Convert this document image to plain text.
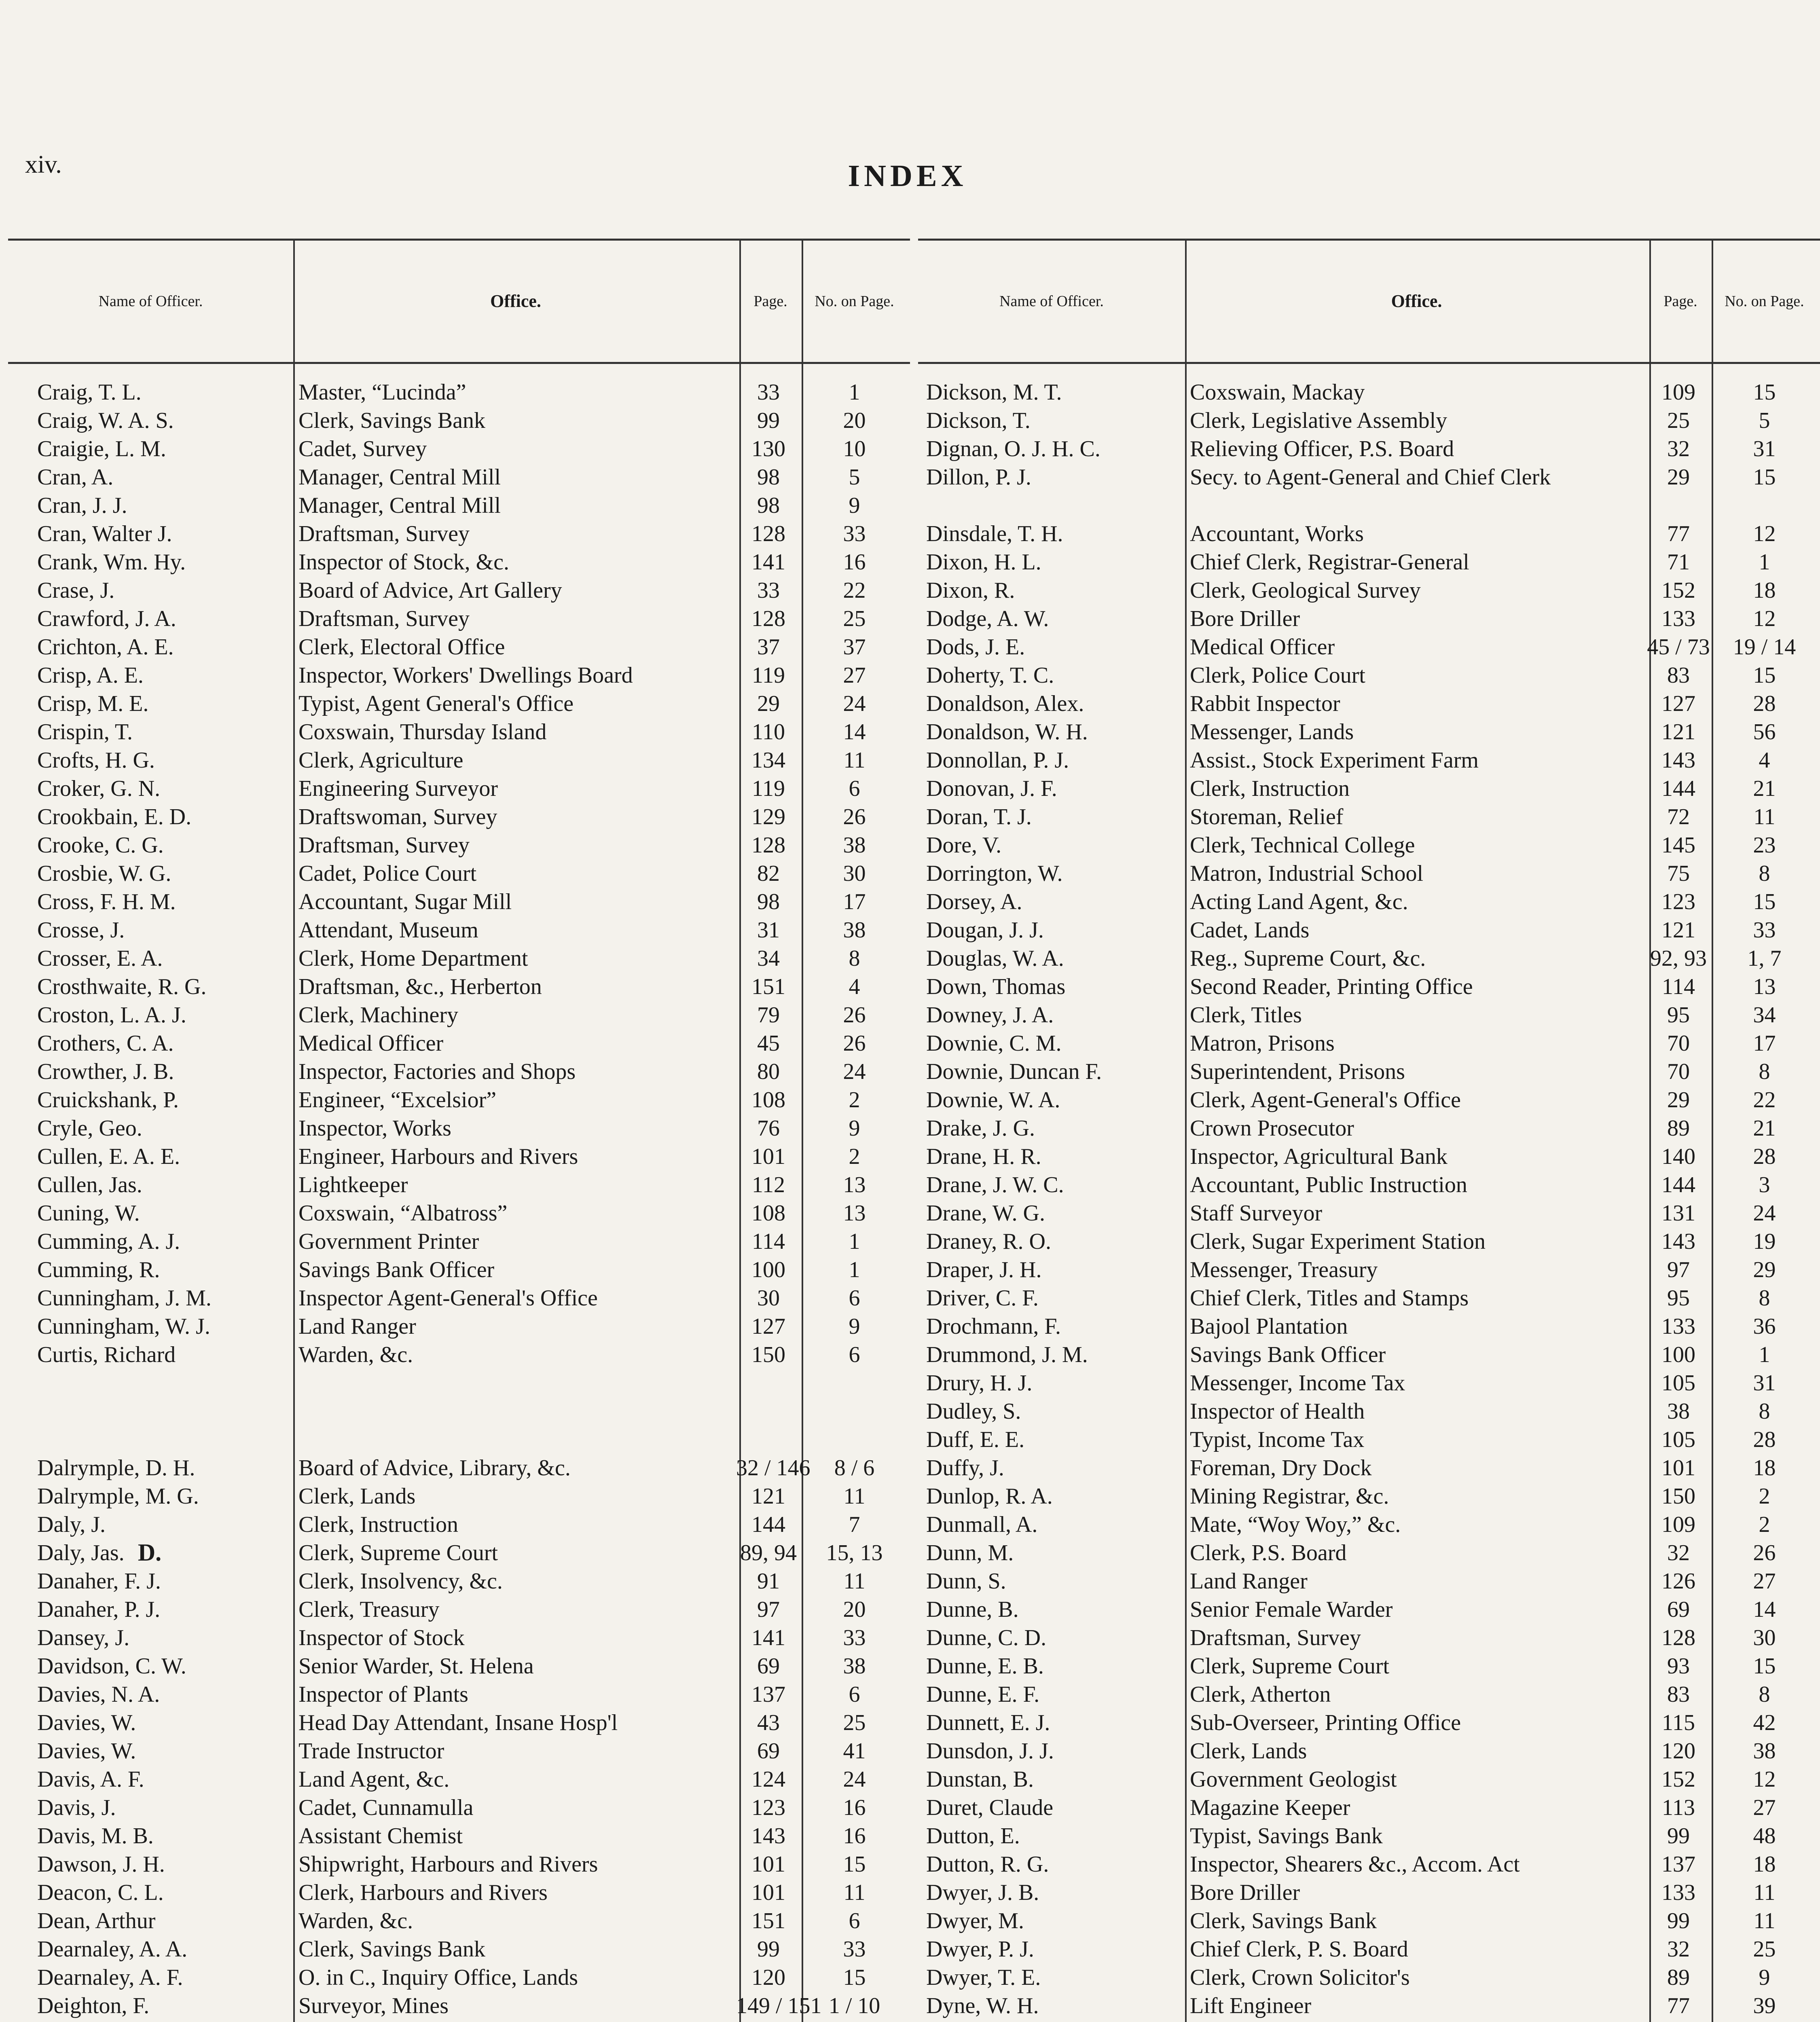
xiv.	INDEX
Name of Officer.	Office.	Page.	No. on Page.
D.
Craig, T. L.	Master, “Lucinda”	33	1
Craig, W. A. S.	Clerk, Savings Bank	99	20
Craigie, L. M.	Cadet, Survey	130	10
Cran, A.	Manager, Central Mill	98	5
Cran, J. J.	Manager, Central Mill	98	9
Cran, Walter J.	Draftsman, Survey	128	33
Crank, Wm. Hy.	Inspector of Stock, &c.	141	16
Crase, J.	Board of Advice, Art Gallery	33	22
Crawford, J. A.	Draftsman, Survey	128	25
Crichton, A. E.	Clerk, Electoral Office	37	37
Crisp, A. E.	Inspector, Workers' Dwellings Board	119	27
Crisp, M. E.	Typist, Agent General's Office	29	24
Crispin, T.	Coxswain, Thursday Island	110	14
Crofts, H. G.	Clerk, Agriculture	134	11
Croker, G. N.	Engineering Surveyor	119	6
Crookbain, E. D.	Draftswoman, Survey	129	26
Crooke, C. G.	Draftsman, Survey	128	38
Crosbie, W. G.	Cadet, Police Court	82	30
Cross, F. H. M.	Accountant, Sugar Mill	98	17
Crosse, J.	Attendant, Museum	31	38
Crosser, E. A.	Clerk, Home Department	34	8
Crosthwaite, R. G.	Draftsman, &c., Herberton	151	4
Croston, L. A. J.	Clerk, Machinery	79	26
Crothers, C. A.	Medical Officer	45	26
Crowther, J. B.	Inspector, Factories and Shops	80	24
Cruickshank, P.	Engineer, “Excelsior”	108	2
Cryle, Geo.	Inspector, Works	76	9
Cullen, E. A. E.	Engineer, Harbours and Rivers	101	2
Cullen, Jas.	Lightkeeper	112	13
Cuning, W.	Coxswain, “Albatross”	108	13
Cumming, A. J.	Government Printer	114	1
Cumming, R.	Savings Bank Officer	100	1
Cunningham, J. M.	Inspector Agent-General's Office	30	6
Cunningham, W. J.	Land Ranger	127	9
Curtis, Richard	Warden, &c.	150	6
Dalrymple, D. H.	Board of Advice, Library, &c.	32 / 146	8 / 6
Dalrymple, M. G.	Clerk, Lands	121	11
Daly, J.	Clerk, Instruction	144	7
Daly, Jas.	Clerk, Supreme Court	89, 94	15, 13
Danaher, F. J.	Clerk, Insolvency, &c.	91	11
Danaher, P. J.	Clerk, Treasury	97	20
Dansey, J.	Inspector of Stock	141	33
Davidson, C. W.	Senior Warder, St. Helena	69	38
Davies, N. A.	Inspector of Plants	137	6
Davies, W.	Head Day Attendant, Insane Hosp'l	43	25
Davies, W.	Trade Instructor	69	41
Davis, A. F.	Land Agent, &c.	124	24
Davis, J.	Cadet, Cunnamulla	123	16
Davis, M. B.	Assistant Chemist	143	16
Dawson, J. H.	Shipwright, Harbours and Rivers	101	15
Deacon, C. L.	Clerk, Harbours and Rivers	101	11
Dean, Arthur	Warden, &c.	151	6
Dearnaley, A. A.	Clerk, Savings Bank	99	33
Dearnaley, A. F.	O. in C., Inquiry Office, Lands	120	15
Deighton, F.	Surveyor, Mines	149 / 151 1 / 10
Name of Officer.	Office.	Page.	No. on Page.
Dickson, M. T.	Coxswain, Mackay	109	15
Dickson, T.	Clerk, Legislative Assembly	25	5
Dignan, O. J. H. C.	Relieving Officer, P.S. Board	32	31
Dillon, P. J.	Secy. to Agent-General and Chief Clerk	29	15
Dinsdale, T. H.	Accountant, Works	77	12
Dixon, H. L.	Chief Clerk, Registrar-General	71	1
Dixon, R.	Clerk, Geological Survey	152	18
Dodge, A. W.	Bore Driller	133	12
Dods, J. E.	Medical Officer	45 / 73	19 / 14
Doherty, T. C.	Clerk, Police Court	83	15
Donaldson, Alex.	Rabbit Inspector	127	28
Donaldson, W. H.	Messenger, Lands	121	56
Donnollan, P. J.	Assist., Stock Experiment Farm	143	4
Donovan, J. F.	Clerk, Instruction	144	21
Doran, T. J.	Storeman, Relief	72	11
Dore, V.	Clerk, Technical College	145	23
Dorrington, W.	Matron, Industrial School	75	8
Dorsey, A.	Acting Land Agent, &c.	123	15
Dougan, J. J.	Cadet, Lands	121	33
Douglas, W. A.	Reg., Supreme Court, &c.	92, 93	1, 7
Down, Thomas	Second Reader, Printing Office	114	13
Downey, J. A.	Clerk, Titles	95	34
Downie, C. M.	Matron, Prisons	70	17
Downie, Duncan F.	Superintendent, Prisons	70	8
Downie, W. A.	Clerk, Agent-General's Office	29	22
Drake, J. G.	Crown Prosecutor	89	21
Drane, H. R.	Inspector, Agricultural Bank	140	28
Drane, J. W. C.	Accountant, Public Instruction	144	3
Drane, W. G.	Staff Surveyor	131	24
Draney, R. O.	Clerk, Sugar Experiment Station	143	19
Draper, J. H.	Messenger, Treasury	97	29
Driver, C. F.	Chief Clerk, Titles and Stamps	95	8
Drochmann, F.	Bajool Plantation	133	36
Drummond, J. M.	Savings Bank Officer	100	1
Drury, H. J.	Messenger, Income Tax	105	31
Dudley, S.	Inspector of Health	38	8
Duff, E. E.	Typist, Income Tax	105	28
Duffy, J.	Foreman, Dry Dock	101	18
Dunlop, R. A.	Mining Registrar, &c.	150	2
Dunmall, A.	Mate, “Woy Woy,” &c.	109	2
Dunn, M.	Clerk, P.S. Board	32	26
Dunn, S.	Land Ranger	126	27
Dunne, B.	Senior Female Warder	69	14
Dunne, C. D.	Draftsman, Survey	128	30
Dunne, E. B.	Clerk, Supreme Court	93	15
Dunne, E. F.	Clerk, Atherton	83	8
Dunnett, E. J.	Sub-Overseer, Printing Office	115	42
Dunsdon, J. J.	Clerk, Lands	120	38
Dunstan, B.	Government Geologist	152	12
Duret, Claude	Magazine Keeper	113	27
Dutton, E.	Typist, Savings Bank	99	48
Dutton, R. G.	Inspector, Shearers &c., Accom. Act	137	18
Dwyer, J. B.	Bore Driller	133	11
Dwyer, M.	Clerk, Savings Bank	99	11
Dwyer, P. J.	Chief Clerk, P. S. Board	32	25
Dwyer, T. E.	Clerk, Crown Solicitor's	89	9
Dyne, W. H.	Lift Engineer	77	39
